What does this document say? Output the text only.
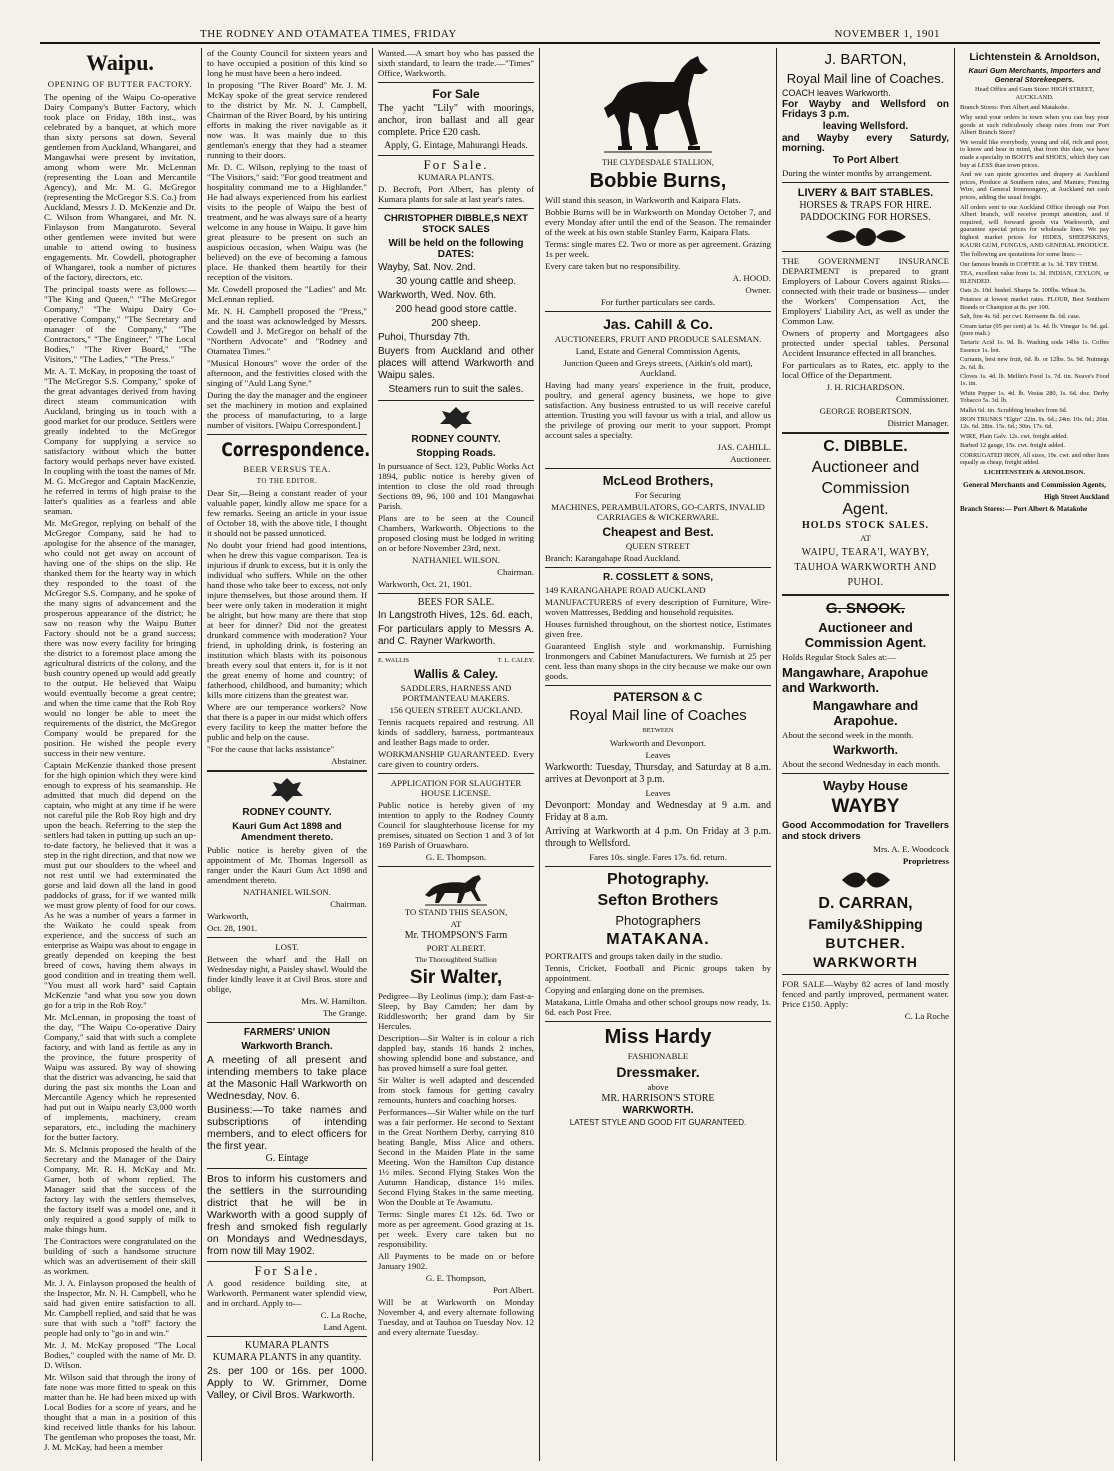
THE RODNEY AND OTAMATEA TIMES, FRIDAY	NOVEMBER 1, 1901
Waipu.
OPENING OF BUTTER FACTORY.

The opening of the Waipu Co-operative Dairy Company's Butter Factory, which took place on Friday, 18th inst., was celebrated by a banquet, at which more than sixty persons sat down. Several gentlemen from Auckland, Whangarei, and Mangawhai were present by invitation, among whom were Mr. McLennan (representing the Loan and Mercantile Agency), and Mr. M. G. McGregor (representing the McGregor S.S. Co.) from Auckland, Messrs J. D. McKenzie and Dr. C. Wilson from Whangarei, and Mr. N. Finlayson from Mangaturoto. Several other gentlemen were invited but were unable to attend owing to business engagements. Mr. Cowdell, photographer of Whangarei, took a number of pictures of the factory, directors, etc.

The principal toasts were as follows:— "The King and Queen," "The McGregor Company," "The Waipu Dairy Co-operative Company," "The Secretary and manager of the Company," "The Contractors," "The Engineer," "The Local Bodies," "The River Board," "The Visitors," "The Ladies," "The Press."

Mr. A. T. McKay, in proposing the toast of "The McGregor S.S. Company," spoke of the great advantages derived from having direct steam communication with Auckland, bringing us in touch with a good market for our produce. Settlers were greatly indebted to the McGregor Company for supplying a service so satisfactory without which the butter factory would perhaps never have existed. In coupling with the toast the names of Mr. M. G. McGregor and Captain MacKenzie, he referred in terms of high praise to the latter's qualities as a fearless and able seaman.

Mr. McGregor, replying on behalf of the McGregor Company, said he had to apologise for the absence of the manager, who could not get away on account of having one of the ships on the slip. He thanked them for the hearty way in which they responded to the toast of the McGregor S.S. Company, and he spoke of the many signs of advancement and the prosperous appearance of the district; he saw no reason why the Waipu Butter Factory should not be a grand success; there was now every facility for bringing the district to a foremost place among the agricultural districts of the colony, and the bush country opened up would add greatly to the output. He believed that Waipu would eventually become a great centre; and when the time came that the Rob Roy would no longer be able to meet the requirements of the district, the McGregor Company would be prepared for the position. He wished the people every success in their new venture.

Captain McKenzie thanked those present for the high opinion which they were kind enough to express of his seamanship. He admitted that much did depend on the captain, who might at any time if he were not careful pile the Rob Roy high and dry upon the beach. Referring to the step the settlers had taken in putting up such an up-to-date factory, he believed that it was a step in the right direction, and that now we must put our shoulders to the wheel and not rest until we had exterminated the gorse and laid down all the land in good paddocks of grass, for if we wanted milk we must grow plenty of food for our cows. As he was a number of years a farmer in the Waikato he could speak from experience, and the success of such an enterprise as Waipu was about to engage in greatly depended on keeping the best breed of cows, having them always in good condition and in treating them well. "You must all work hard" said Captain McKenzie "and what you sow you down go for a trip in the Rob Roy."

Mr. McLennan, in proposing the toast of the day, "The Waipu Co-operative Dairy Company," said that with such a complete factory, and with land as fertile as any in the province, the future prosperity of Waipu was assured. By way of showing that the district was advancing, he said that during the past six months the Loan and Mercantile Agency which he represented had put out in Waipu nearly £3,000 worth of implements, machinery, cream separators, etc., including the machinery for the butter factory.

Mr. S. McInnis proposed the health of the Secretary and the Manager of the Dairy Company, Mr. R. H. McKay and Mr. Garner, both of whom replied. The Manager said that the success of the factory lay with the settlers themselves, the factory itself was a model one, and it only required a good supply of milk to make things hum.

The Contractors were congratulated on the building of such a handsome structure which was an advertisement of their skill as workmen.

Mr. J. A. Finlayson proposed the health of the Inspector, Mr. N. H. Campbell, who he said had given entire satisfaction to all. Mr. Campbell replied, and said that he was sure that with such a "toff" factory the people had only to "go in and win."

Mr. J. M. McKay proposed "The Local Bodies," coupled with the name of Mr. D. D. Wilson.

Mr. Wilson said that through the irony of fate none was more fitted to speak on this matter than he. He had been mixed up with Local Bodies for a score of years, and he thought that a man in a position of this kind received little thanks for his labour. The gentleman who proposes the toast, Mr. J. M. McKay, had been a member

of the County Council for sixteen years and to have occupied a position of this kind so long he must have been a hero indeed.

In proposing "The River Board" Mr. J. M. McKay spoke of the great service rendered to the district by Mr. N. J. Campbell, Chairman of the River Board, by his untiring efforts in making the river navigable as it now was. It was mainly due to this gentleman's energy that they had a steamer running to their doors.

Mr. D. C. Wilson, replying to the toast of "The Visitors," said: "For good treatment and hospitality command me to a Highlander." He had always experienced from his earliest visits to the people of Waipu the best of treatment, and he was always sure of a hearty welcome in any house in Waipu. It gave him great pleasure to be present on such an auspicious occasion, when Waipu was (he believed) on the eve of becoming a famous place. He thanked them heartily for their reception of the visitors.

Mr. Cowdell proposed the "Ladies" and Mr. McLennan replied.

Mr. N. H. Campbell proposed the "Press," and the toast was acknowledged by Messrs. Cowdell and J. McGregor on behalf of the "Northern Advocate" and "Rodney and Otamatea Times."

"Musical Honours" wove the order of the afternoon, and the festivities closed with the singing of "Auld Lang Syne."

During the day the manager and the engineer set the machinery in motion and explained the process of manufacturing, to a large number of visitors. [Waipu Correspondent.]

Correspondence.
BEER VERSUS TEA.
TO THE EDITOR.

Dear Sir,—Being a constant reader of your valuable paper, kindly allow me space for a few remarks. Seeing an article in your issue of October 18, with the above title, I thought it should not be passed unnoticed.

No doubt your friend had good intentions, when he drew this vague comparison. Tea is injurious if drunk to excess, but it is only the individual who suffers. While on the other hand those who take beer to excess, not only injure themselves, but those around them. If beer were only taken in moderation it might be alright, but how many are there that stop at beer for dinner? Did not the greatest drunkard commence with moderation? Your friend, in upholding drink, is fostering an institution which blasts with its poisonous breath every soul that enters it, for is it not the great enemy of home and country; of fatherhood, childhood, and humanity; which kills more citizens than the greatest war.

Where are our temperance workers? Now that there is a paper in our midst which offers every facility to keep the matter before the public and help on the cause.

"For the cause that lacks assistance"

Abstainer.

RODNEY COUNTY.
Kauri Gum Act 1898 and Amendment thereto.

Public notice is hereby given of the appointment of Mr. Thomas Ingersoll as ranger under the Kauri Gum Act 1898 and amendment thereto.

NATHANIEL WILSON.

Chairman.

Warkworth,

Oct. 28, 1901.

LOST.

Between the wharf and the Hall on Wednesday night, a Paisley shawl. Would the finder kindly leave it at Civil Bros. store and oblige,

Mrs. W. Hamilton.

The Grange.

FARMERS' UNION
Warkworth Branch.

A meeting of all present and intending members to take place at the Masonic Hall Warkworth on Wednesday, Nov. 6.

Business:—To take names and subscriptions of intending members, and to elect officers for the first year.

G. Eintage

Bros to inform his customers and the settlers in the surrounding district that he will be in Warkworth with a good supply of fresh and smoked fish regularly on Mondays and Wednesdays, from now till May 1902.

For Sale.

A good residence building site, at Warkworth. Permanent water splendid view, and in orchard. Apply to—

C. La Roche,

Land Agent.

KUMARA PLANTS

KUMARA PLANTS in any quantity.

2s. per 100 or 16s. per 1000. Apply to W. Grimmer, Dome Valley, or Civil Bros. Warkworth.

Wanted.—A smart boy who has passed the sixth standard, to learn the trade.—"Times" Office, Warkworth.

For Sale

The yacht "Lily" with moorings, anchor, iron ballast and all gear complete. Price £20 cash.

Apply, G. Eintage, Mahurangi Heads.

For Sale.

KUMARA PLANTS.

D. Becroft, Port Albert, has plenty of Kumara plants for sale at last year's rates.

CHRISTOPHER DIBBLE,S NEXT STOCK SALES
Will be held on the following DATES:

Wayby, Sat. Nov. 2nd.

30 young cattle and sheep.

Warkworth, Wed. Nov. 6th.

200 head good store cattle.

200 sheep.

Puhoi, Thursday 7th.

Buyers from Auckland and other places will attend Warkworth and Waipu sales.

Steamers run to suit the sales.

RODNEY COUNTY.
Stopping Roads.

In pursuance of Sect. 123, Public Works Act 1894, public notice is hereby given of intention to close the old road through Sections 89, 96, 100 and 101 Mangawhai Parish.

Plans are to be seen at the Council Chambers, Warkworth. Objections to the proposed closing must be lodged in writing on or before November 23rd, next.

NATHANIEL WILSON.

Chairman.

Warkworth, Oct. 21, 1901.

BEES FOR SALE.

In Langstroth Hives, 12s. 6d. each,

For particulars apply to Messrs A. and C. Rayner Warkworth.

E. WALLIS	T. L. CALEY.
Wallis & Caley.

SADDLERS, HARNESS AND PORTMANTEAU MAKERS.

156 QUEEN STREET AUCKLAND.

Tennis racquets repaired and restrung. All kinds of saddlery, harness, portmanteaux and leather Bags made to order.

WORKMANSHIP GUARANTEED. Every care given to country orders.

APPLICATION FOR SLAUGHTER HOUSE LICENSE.

Public notice is hereby given of my intention to apply to the Rodney County Council for slaughterhouse license for my premises, situated on Section 1 and 3 of lot 169 Parish of Oruawharo.

G. E. Thompson.

TO STAND THIS SEASON,

AT

Mr. THOMPSON'S Farm

PORT ALBERT.

The Thoroughbred Stallion

Sir Walter,

Pedigree—By Leolinus (imp.); dam Fast-a-Sleep, by Bay Camden; her dam by Riddlesworth; her grand dam by Sir Hercules.

Description—Sir Walter is in colour a rich dappled bay, stands 16 hands 2 inches, showing splendid bone and substance, and has proved himself a sure foal getter.

Sir Walter is well adapted and descended from stock famous for getting cavalry remounts, hunters and coaching horses.

Performances—Sir Walter while on the turf was a fair performer. He second to Sextant in the Great Northern Derby, carrying 810 beating Bangle, Miss Alice and others. Second in the Maiden Plate in the same Meeting. Won the Hamilton Cup distance 1½ miles. Second Flying Stakes Won the Autumn Handicap, distance 1½ miles. Second Flying Stakes in the same meeting. Won the Double at Te Awamutu.

Terms: Single mares £1 12s. 6d. Two or more as per agreement. Good grazing at 1s. per week. Every care taken but no responsibility.

All Payments to be made on or before January 1902.

G. E. Thompson,

Port Albert.

Will be at Warkworth on Monday November 4, and every alternate following Tuesday, and at Tauhoa on Tuesday Nov. 12 and every alternate Tuesday.

THE CLYDESDALE STALLION,

Bobbie Burns,

Will stand this season, in Warkworth and Kaipara Flats.

Bobbie Burns will be in Warkworth on Monday October 7, and every Monday after until the end of the Season. The remainder of the week at his own stable Stanley Farm, Kaipara Flats.

Terms: single mares £2. Two or more as per agreement. Grazing 1s per week.

Every care taken but no responsibility.

A. HOOD.

Owner.

For further particulars see cards.

Jas. Cahill & Co.

AUCTIONEERS, FRUIT AND PRODUCE SALESMAN.

Land, Estate and General Commission Agents,

Junction Queen and Greys streets, (Aitkin's old mart), Auckland.

Having had many years' experience in the fruit, produce, poultry, and general agency business, we hope to give satisfaction. Any business entrusted to us will receive careful attention. Trusting you will favour us with a trial, and allow us the privilege of proving our merit to your support. Prompt account sales a specialty.

JAS. CAHILL.

Auctioneer.

McLeod Brothers,

For Securing

MACHINES, PERAMBULATORS, GO-CARTS, INVALID CARRIAGES & WICKERWARE.

Cheapest and Best.

QUEEN STREET

Branch: Karangahape Road Auckland.

R. COSSLETT & SONS,

149 KARANGAHAPE ROAD AUCKLAND

MANUFACTURERS of every description of Furniture, Wire-woven Mattresses, Bedding and household requisites.

Houses furnished throughout, on the shortest notice, Estimates given free.

Guaranteed English style and workmanship. Furnishing Ironmongers and Cabinet Manufacturers. We furnish at 25 per cent. less than many shops in the city because we make our own goods.

PATERSON & C
Royal Mail line of Coaches

BETWEEN

Warkworth and Devonport.

Leaves

Warkworth: Tuesday, Thursday, and Saturday at 8 a.m. arrives at Devonport at 3 p.m.

Leaves

Devonport: Monday and Wednesday at 9 a.m. and Friday at 8 a.m.

Arriving at Warkworth at 4 p.m. On Friday at 3 p.m. through to Wellsford.

Fares 10s. single. Fares 17s. 6d. return.

Photography.
Sefton Brothers
Photographers
MATAKANA.

PORTRAITS and groups taken daily in the studio.

Tennis, Cricket, Football and Picnic groups taken by appointment.

Copying and enlarging done on the premises.

Matakana, Little Omaha and other school groups now ready, 1s. 6d. each Post Free.

Miss Hardy

FASHIONABLE

Dressmaker.

above

MR. HARRISON'S STORE

WARKWORTH.

LATEST STYLE AND GOOD FIT GUARANTEED.

J. BARTON,
Royal Mail line of Coaches.

COACH leaves Warkworth.

For Wayby and Wellsford on Fridays 3 p.m.

leaving Wellsford.

and Wayby every Saturdy, morning.

To Port Albert

During the winter months by arrangement.

LIVERY & BAIT STABLES.

HORSES & TRAPS FOR HIRE.

PADDOCKING FOR HORSES.

THE GOVERNMENT INSURANCE DEPARTMENT is prepared to grant Employers of Labour Covers against Risks—connected with their trade or business— under the Workers' Compensation Act, the Employers' Liability Act, as well as under the Common Law.

Owners of property and Mortgagees also protected under special tables. Personal Accident Insurance effected in all branches.

For particulars as to Rates, etc. apply to the local Office of the Department.

J. H. RICHARDSON.

Commissioner.

GEORGE ROBERTSON.

District Manager.

C. DIBBLE.
Auctioneer and
Commission
Agent.

HOLDS STOCK SALES.

AT

WAIPU, TEARA'I, WAYBY, TAUHOA WARKWORTH AND PUHOI.

G. SNOOK.
Auctioneer and Commission Agent.

Holds Regular Stock Sales at:—

Mangawhare, Arapohue and Warkworth.
Mangawhare and Arapohue.

About the second week in the month.

Warkworth.

About the second Wednesday in each month.

Wayby House
WAYBY

Good Accommodation for Travellers and stock drivers

Mrs. A. E. Woodcock

Proprietress

D. CARRAN,
Family&Shipping
BUTCHER.
WARKWORTH

FOR SALE—Wayby 82 acres of land mostly fenced and partly improved, permanent water. Price £150. Apply:

C. La Roche

Lichtenstein & Arnoldson,
Kauri Gum Merchants, Importers and General Storekeepers.

Head Office and Gum Store: HIGH STREET, AUCKLAND.

Branch Stores: Port Albert and Matakohe.

Why send your orders to town when you can buy your goods at such ridiculously cheap rates from our Port Albert Branch Store?

We would like everybody, young and old, rich and poor, to know and bear in mind, that from this date, we have made a specialty in BOOTS and SHOES, which they can buy at LESS than town prices.

And we can quote groceries and drapery at Auckland prices, Produce at Southern rates, and Manure, Fencing Wire, and General Ironmongery, at Auckland net cash prices, adding the usual freight.

All orders sent to our Auckland Office through our Port Albert branch, will receive prompt attention, and if required, will forward goods via Warkworth, and guarantee special prices for wholesale lines. We pay highest market prices for HIDES, SHEEPSKINS, KAURI GUM, FUNGUS, AND GENERAL PRODUCE.

The following are quotations for some lines:—

Our famous brands in COFFEE at 1s. 3d. TRY THEM.

TEA, excellent value from 1s. 3d. INDIAN, CEYLON, or BLENDED.

Oats 2s. 10d. bushel. Sharps 5s. 100lbs. Wheat 3s.

Potatoes at lowest market rates. FLOUR, Best Southern Brands or Champion at 8s. per 100.

Salt, fine 4s. 6d. per cwt. Kerosene 8s. 6d. case.

Cream tartar (95 per cent) at 1s. 4d. lb. Vinegar 1s. 9d. gal. (pure malt.)

Tartaric Acid 1s. 9d. lb. Washing soda 14lbs 1s. Coffee Essence 1s. bot.

Currants, best new fruit, 6d. lb. or 12lbs. 5s. 9d. Nutmegs 2s. 6d. lb.

Cloves 1s. 4d. lb. Mellin's Food 1s. 7d. tin. Neave's Food 1s. tin.

White Pepper 1s. 4d. lb. Vestas 280, 1s. 6d. doz. Derby Tobacco 5s. 3d. lb.

Mallet 6d. tin. Scrubbing brushes from 6d.

IRON TRUNKS "Elgin" 22in. 9s. 6d.; 24in. 10s. 6d.; 26in. 12s. 6d. 28in. 15s. 6d.; 30in. 17s. 6d.

WIRE, Plain Galv. 12s. cwt. freight added.

Barbed 12 gauge, 15s. cwt. freight added.

CORRUGATED IRON, All sizes, 19s. cwt. and other lines equally as cheap, freight added.

LICHTENSTEIN & ARNOLDSON.

General Merchants and Commission Agents,

High Street Auckland

Branch Stores:— Port Albert & Matakohe
